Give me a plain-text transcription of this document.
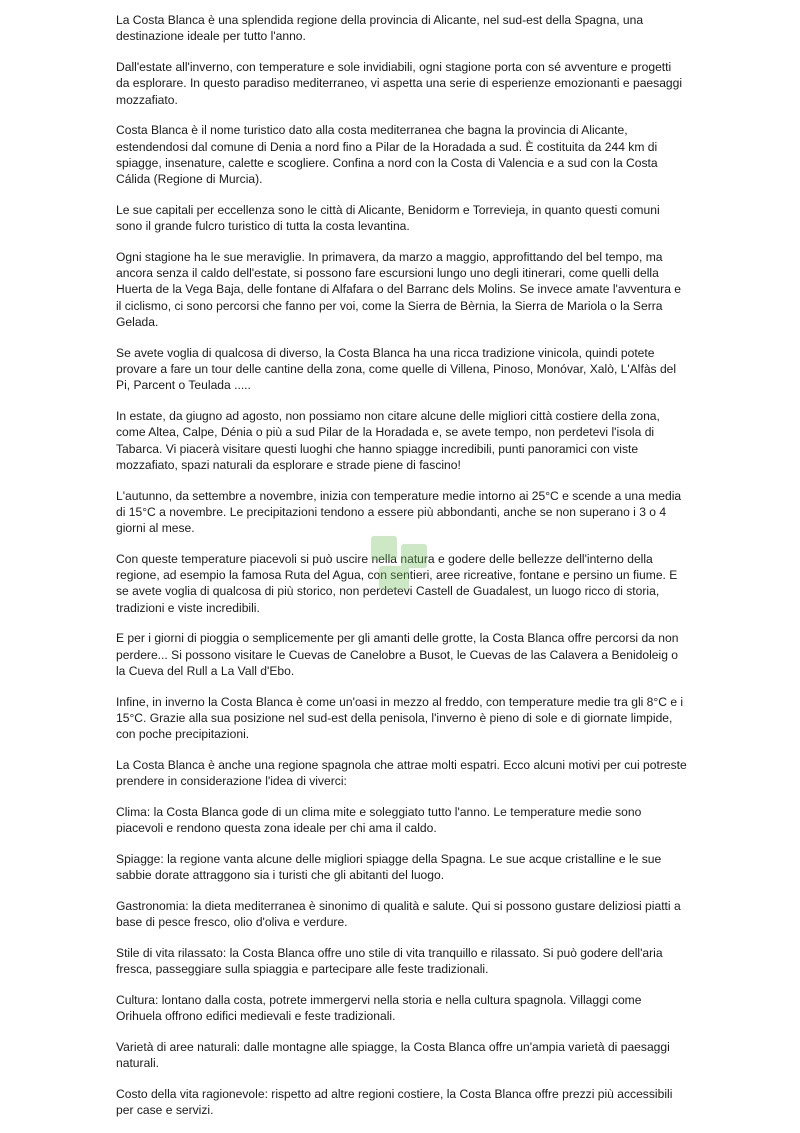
La Costa Blanca è una splendida regione della provincia di Alicante, nel sud-est della Spagna, una destinazione ideale per tutto l'anno.

Dall'estate all'inverno, con temperature e sole invidiabili, ogni stagione porta con sé avventure e progetti da esplorare. In questo paradiso mediterraneo, vi aspetta una serie di esperienze emozionanti e paesaggi mozzafiato.

Costa Blanca è il nome turistico dato alla costa mediterranea che bagna la provincia di Alicante, estendendosi dal comune di Denia a nord fino a Pilar de la Horadada a sud. È costituita da 244 km di spiagge, insenature, calette e scogliere. Confina a nord con la Costa di Valencia e a sud con la Costa Cálida (Regione di Murcia).

Le sue capitali per eccellenza sono le città di Alicante, Benidorm e Torrevieja, in quanto questi comuni sono il grande fulcro turistico di tutta la costa levantina.

Ogni stagione ha le sue meraviglie. In primavera, da marzo a maggio, approfittando del bel tempo, ma ancora senza il caldo dell'estate, si possono fare escursioni lungo uno degli itinerari, come quelli della Huerta de la Vega Baja, delle fontane di Alfafara o del Barranc dels Molins. Se invece amate l'avventura e il ciclismo, ci sono percorsi che fanno per voi, come la Sierra de Bèrnia, la Sierra de Mariola o la Serra Gelada.

Se avete voglia di qualcosa di diverso, la Costa Blanca ha una ricca tradizione vinicola, quindi potete provare a fare un tour delle cantine della zona, come quelle di Villena, Pinoso, Monóvar, Xalò, L'Alfàs del Pi, Parcent o Teulada .....

In estate, da giugno ad agosto, non possiamo non citare alcune delle migliori città costiere della zona, come Altea, Calpe, Dénia o più a sud Pilar de la Horadada e, se avete tempo, non perdetevi l'isola di Tabarca. Vi piacerà visitare questi luoghi che hanno spiagge incredibili, punti panoramici con viste mozzafiato, spazi naturali da esplorare e strade piene di fascino!

L'autunno, da settembre a novembre, inizia con temperature medie intorno ai 25°C e scende a una media di 15°C a novembre. Le precipitazioni tendono a essere più abbondanti, anche se non superano i 3 o 4 giorni al mese.

Con queste temperature piacevoli si può uscire nella natura e godere delle bellezze dell'interno della regione, ad esempio la famosa Ruta del Agua, con sentieri, aree ricreative, fontane e persino un fiume. E se avete voglia di qualcosa di più storico, non perdetevi Castell de Guadalest, un luogo ricco di storia, tradizioni e viste incredibili.

E per i giorni di pioggia o semplicemente per gli amanti delle grotte, la Costa Blanca offre percorsi da non perdere... Si possono visitare le Cuevas de Canelobre a Busot, le Cuevas de las Calavera a Benidoleig o la Cueva del Rull a La Vall d'Ebo.

Infine, in inverno la Costa Blanca è come un'oasi in mezzo al freddo, con temperature medie tra gli 8°C e i 15°C. Grazie alla sua posizione nel sud-est della penisola, l'inverno è pieno di sole e di giornate limpide, con poche precipitazioni.

La Costa Blanca è anche una regione spagnola che attrae molti espatri. Ecco alcuni motivi per cui potreste prendere in considerazione l'idea di viverci:

Clima: la Costa Blanca gode di un clima mite e soleggiato tutto l'anno. Le temperature medie sono piacevoli e rendono questa zona ideale per chi ama il caldo.

Spiagge: la regione vanta alcune delle migliori spiagge della Spagna. Le sue acque cristalline e le sue sabbie dorate attraggono sia i turisti che gli abitanti del luogo.

Gastronomia: la dieta mediterranea è sinonimo di qualità e salute. Qui si possono gustare deliziosi piatti a base di pesce fresco, olio d'oliva e verdure.

Stile di vita rilassato: la Costa Blanca offre uno stile di vita tranquillo e rilassato. Si può godere dell'aria fresca, passeggiare sulla spiaggia e partecipare alle feste tradizionali.

Cultura: lontano dalla costa, potrete immergervi nella storia e nella cultura spagnola. Villaggi come Orihuela offrono edifici medievali e feste tradizionali.

Varietà di aree naturali: dalle montagne alle spiagge, la Costa Blanca offre un'ampia varietà di paesaggi naturali.

Costo della vita ragionevole: rispetto ad altre regioni costiere, la Costa Blanca offre prezzi più accessibili per case e servizi.
